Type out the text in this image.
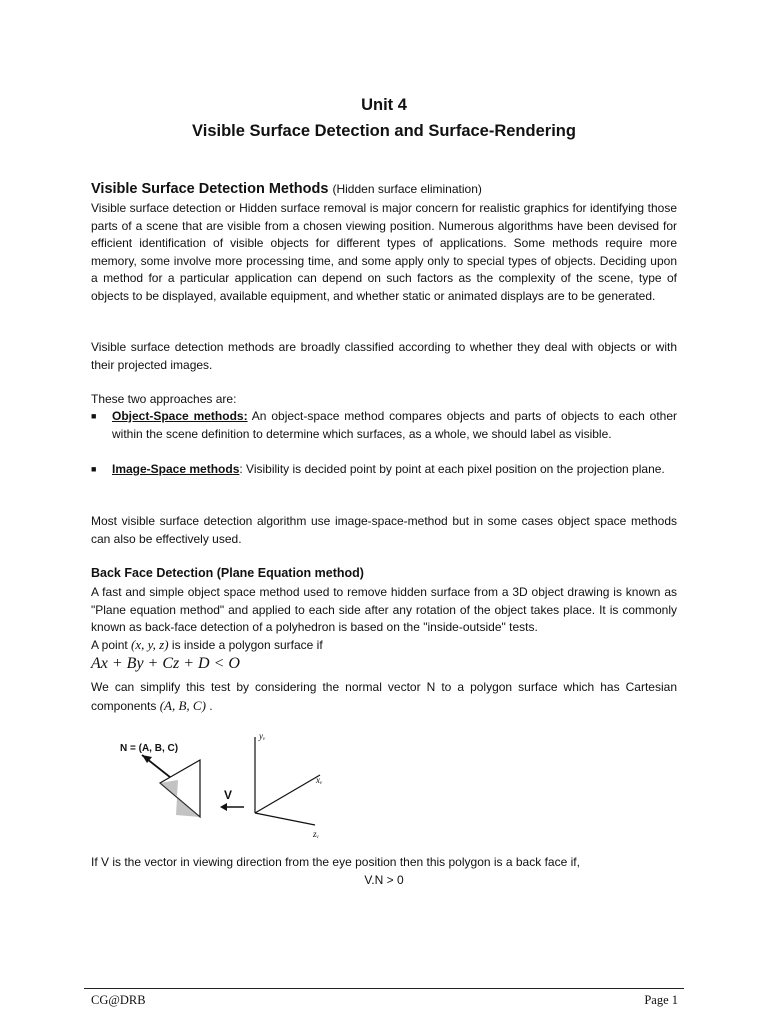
Unit 4
Visible Surface Detection and Surface-Rendering
Visible Surface Detection Methods (Hidden surface elimination)

Visible surface detection or Hidden surface removal is major concern for realistic graphics for identifying those parts of a scene that are visible from a chosen viewing position. Numerous algorithms have been devised for efficient identification of visible objects for different types of applications. Some methods require more memory, some involve more processing time, and some apply only to special types of objects. Deciding upon a method for a particular application can depend on such factors as the complexity of the scene, type of objects to be displayed, available equipment, and whether static or animated displays are to be generated.

Visible surface detection methods are broadly classified according to whether they deal with objects or with their projected images.

These two approaches are:

■ Object-Space methods: An object-space method compares objects and parts of objects to each other within the scene definition to determine which surfaces, as a whole, we should label as visible.
■ Image-Space methods: Visibility is decided point by point at each pixel position on the projection plane.

Most visible surface detection algorithm use image-space-method but in some cases object space methods can also be effectively used.

Back Face Detection (Plane Equation method)

A fast and simple object space method used to remove hidden surface from a 3D object drawing is known as "Plane equation method" and applied to each side after any rotation of the object takes place. It is commonly known as back-face detection of a polyhedron is based on the "inside-outside" tests.

A point (x, y, z) is inside a polygon surface if
Ax + By + Cz + D < O

We can simplify this test by considering the normal vector N to a polygon surface which has Cartesian components (A, B, C) .

N = (A, B, C)
yᵥ
xᵥ
zᵥ
V
If V is the vector in viewing direction from the eye position then this polygon is a back face if,
V.N > 0
CG@DRB	Page 1
